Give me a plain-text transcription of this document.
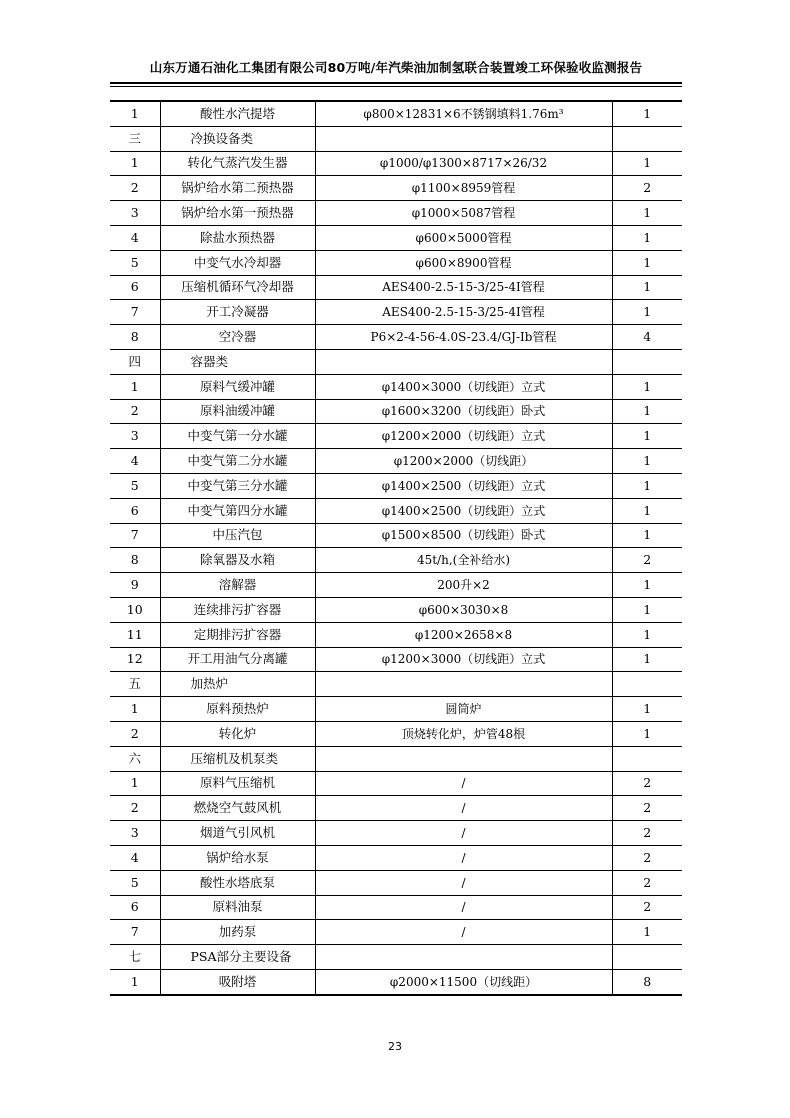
山东万通石油化工集团有限公司80万吨/年汽柴油加制氢联合装置竣工环保验收监测报告
1	酸性水汽提塔	φ800×12831×6不锈钢填料1.76m³	1
三	冷换设备类		
1	转化气蒸汽发生器	φ1000/φ1300×8717×26/32	1
2	锅炉给水第二预热器	φ1100×8959管程	2
3	锅炉给水第一预热器	φ1000×5087管程	1
4	除盐水预热器	φ600×5000管程	1
5	中变气水冷却器	φ600×8900管程	1
6	压缩机循环气冷却器	AES400-2.5-15-3/25-4I管程	1
7	开工冷凝器	AES400-2.5-15-3/25-4I管程	1
8	空冷器	P6×2-4-56-4.0S-23.4/GJ-Ib管程	4
四	容器类		
1	原料气缓冲罐	φ1400×3000（切线距）立式	1
2	原料油缓冲罐	φ1600×3200（切线距）卧式	1
3	中变气第一分水罐	φ1200×2000（切线距）立式	1
4	中变气第二分水罐	φ1200×2000（切线距）	1
5	中变气第三分水罐	φ1400×2500（切线距）立式	1
6	中变气第四分水罐	φ1400×2500（切线距）立式	1
7	中压汽包	φ1500×8500（切线距）卧式	1
8	除氧器及水箱	45t/h,(全补给水)	2
9	溶解器	200升×2	1
10	连续排污扩容器	φ600×3030×8	1
11	定期排污扩容器	φ1200×2658×8	1
12	开工用油气分离罐	φ1200×3000（切线距）立式	1
五	加热炉		
1	原料预热炉	圆筒炉	1
2	转化炉	顶烧转化炉，炉管48根	1
六	压缩机及机泵类		
1	原料气压缩机	/	2
2	燃烧空气鼓风机	/	2
3	烟道气引风机	/	2
4	锅炉给水泵	/	2
5	酸性水塔底泵	/	2
6	原料油泵	/	2
7	加药泵	/	1
七	PSA部分主要设备		
1	吸附塔	φ2000×11500（切线距）	8
23
